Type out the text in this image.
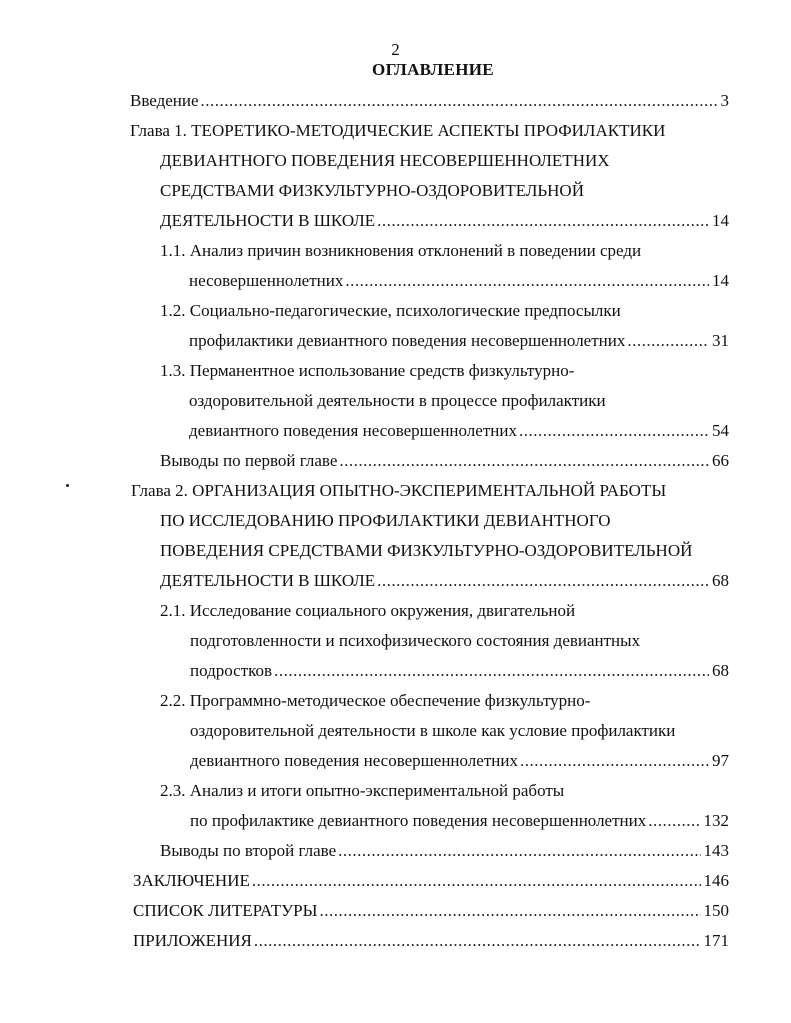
2
ОГЛАВЛЕНИЕ
Введение .....	3
Глава 1. ТЕОРЕТИКО-МЕТОДИЧЕСКИЕ АСПЕКТЫ ПРОФИЛАКТИКИ
ДЕВИАНТНОГО ПОВЕДЕНИЯ НЕСОВЕРШЕННОЛЕТНИХ
СРЕДСТВАМИ ФИЗКУЛЬТУРНО-ОЗДОРОВИТЕЛЬНОЙ
ДЕЯТЕЛЬНОСТИ В ШКОЛЕ .....	14
1.1. Анализ причин возникновения отклонений в поведении среди
несовершеннолетних .....	14
1.2. Социально-педагогические, психологические предпосылки
профилактики девиантного поведения несовершеннолетних .....	31
1.3. Перманентное использование средств физкультурно-
оздоровительной деятельности в процессе профилактики
девиантного поведения несовершеннолетних .....	54
Выводы по первой главе .....	66
Глава 2. ОРГАНИЗАЦИЯ ОПЫТНО-ЭКСПЕРИМЕНТАЛЬНОЙ РАБОТЫ
ПО ИССЛЕДОВАНИЮ ПРОФИЛАКТИКИ ДЕВИАНТНОГО
ПОВЕДЕНИЯ СРЕДСТВАМИ ФИЗКУЛЬТУРНО-ОЗДОРОВИТЕЛЬНОЙ
ДЕЯТЕЛЬНОСТИ В ШКОЛЕ .....	68
2.1. Исследование социального окружения, двигательной
подготовленности и психофизического состояния девиантных
подростков .....	68
2.2. Программно-методическое обеспечение физкультурно-
оздоровительной деятельности в школе как условие профилактики
девиантного поведения несовершеннолетних .....	97
2.3. Анализ и итоги опытно-экспериментальной работы
по профилактике девиантного поведения несовершеннолетних .....	132
Выводы по второй главе .....	143
ЗАКЛЮЧЕНИЕ .....	146
СПИСОК ЛИТЕРАТУРЫ .....	150
ПРИЛОЖЕНИЯ .....	171
